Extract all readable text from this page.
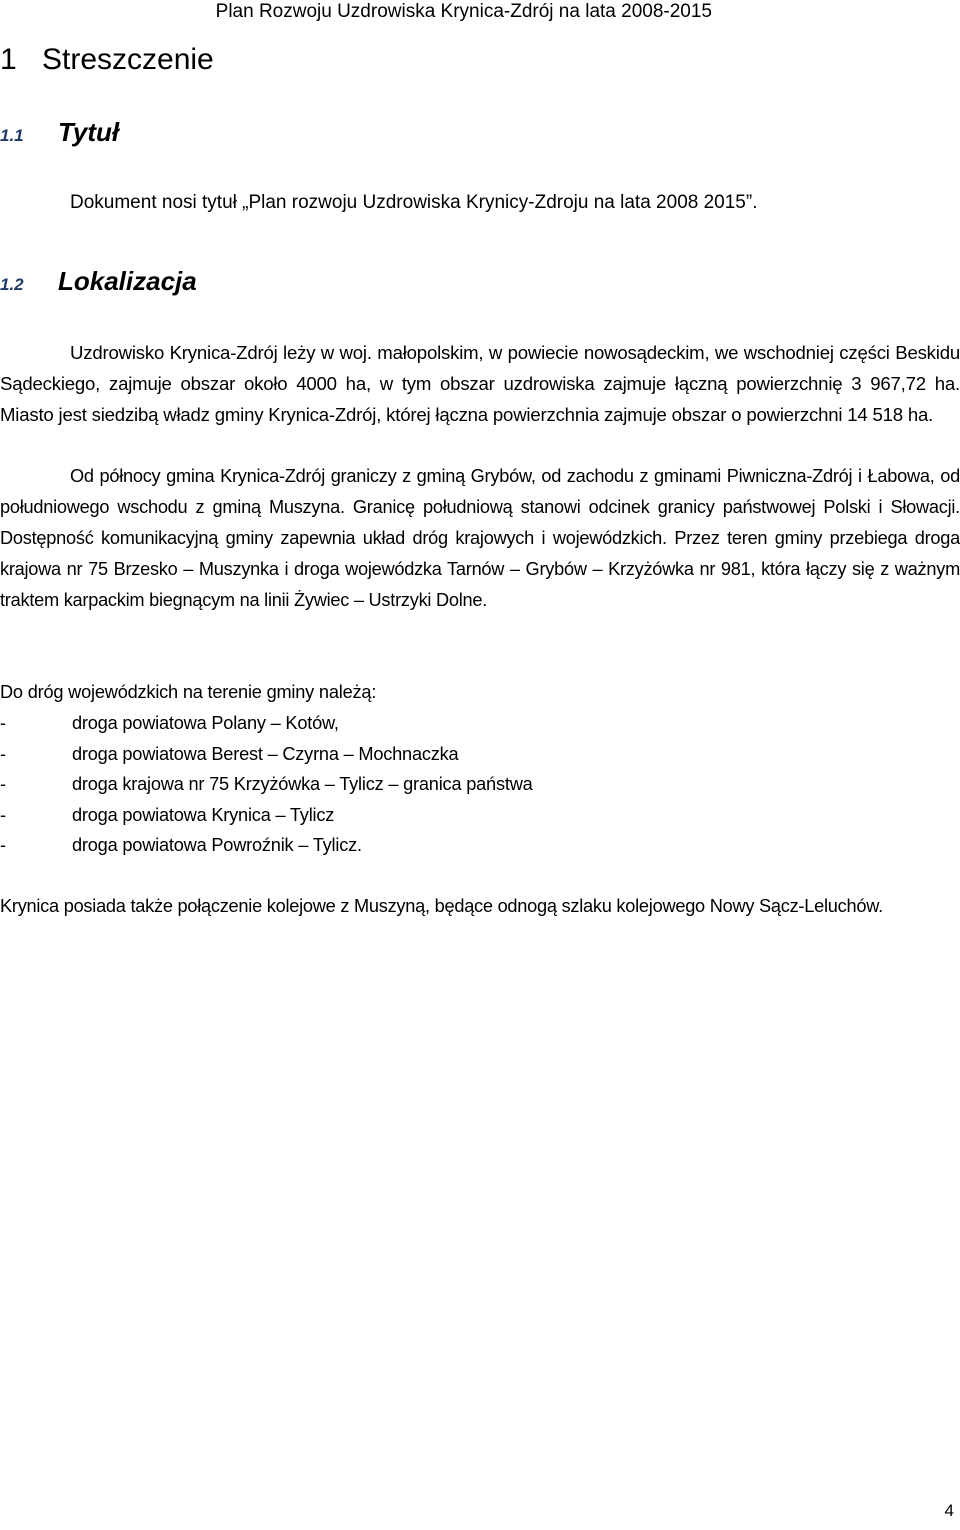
Plan Rozwoju Uzdrowiska Krynica-Zdrój na lata 2008-2015
1 Streszczenie
1.1 Tytuł

Dokument nosi tytuł „Plan rozwoju Uzdrowiska Krynicy-Zdroju na lata 2008 2015”.

1.2 Lokalizacja

Uzdrowisko Krynica-Zdrój leży w woj. małopolskim, w powiecie nowosądeckim, we wschodniej części Beskidu Sądeckiego, zajmuje obszar około 4000 ha, w tym obszar uzdrowiska zajmuje łączną powierzchnię 3 967,72 ha. Miasto jest siedzibą władz gminy Krynica-Zdrój, której łączna powierzchnia zajmuje obszar o powierzchni 14 518 ha.

Od północy gmina Krynica-Zdrój graniczy z gminą Grybów, od zachodu z gminami Piwniczna-Zdrój i Łabowa, od południowego wschodu z gminą Muszyna. Granicę południową stanowi odcinek granicy państwowej Polski i Słowacji. Dostępność komunikacyjną gminy zapewnia układ dróg krajowych i wojewódzkich. Przez teren gminy przebiega droga krajowa nr 75 Brzesko – Muszynka i droga wojewódzka Tarnów – Grybów – Krzyżówka nr 981, która łączy się z ważnym traktem karpackim biegnącym na linii Żywiec – Ustrzyki Dolne.

Do dróg wojewódzkich na terenie gminy należą:

-	droga powiatowa Polany – Kotów,
-	droga powiatowa Berest – Czyrna – Mochnaczka
-	droga krajowa nr 75 Krzyżówka – Tylicz – granica państwa
-	droga powiatowa Krynica – Tylicz
-	droga powiatowa Powroźnik – Tylicz.

Krynica posiada także połączenie kolejowe z Muszyną, będące odnogą szlaku kolejowego Nowy Sącz-Leluchów.

4
